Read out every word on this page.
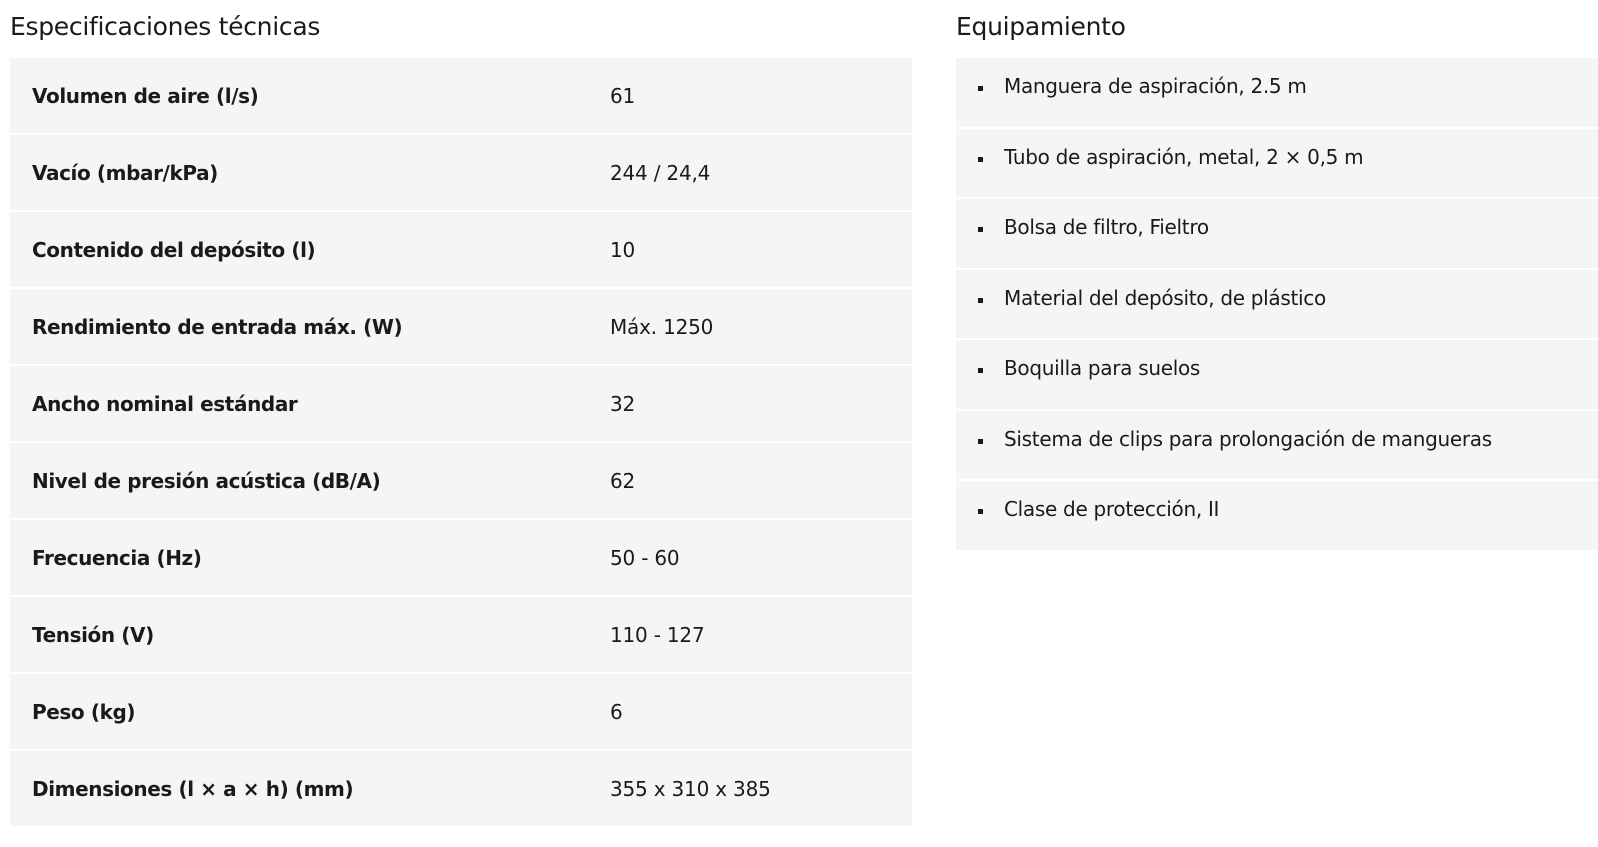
Especificaciones técnicas
Volumen de aire (l/s)	61
Vacío (mbar/kPa)	244 / 24,4
Contenido del depósito (l)	10
Rendimiento de entrada máx. (W)	Máx. 1250
Ancho nominal estándar	32
Nivel de presión acústica (dB/A)	62
Frecuencia (Hz)	50 - 60
Tensión (V)	110 - 127
Peso (kg)	6
Dimensiones (l × a × h) (mm)	355 x 310 x 385
Equipamiento
Manguera de aspiración, 2.5 m
Tubo de aspiración, metal, 2 × 0,5 m
Bolsa de filtro, Fieltro
Material del depósito, de plástico
Boquilla para suelos
Sistema de clips para prolongación de mangueras
Clase de protección, II
